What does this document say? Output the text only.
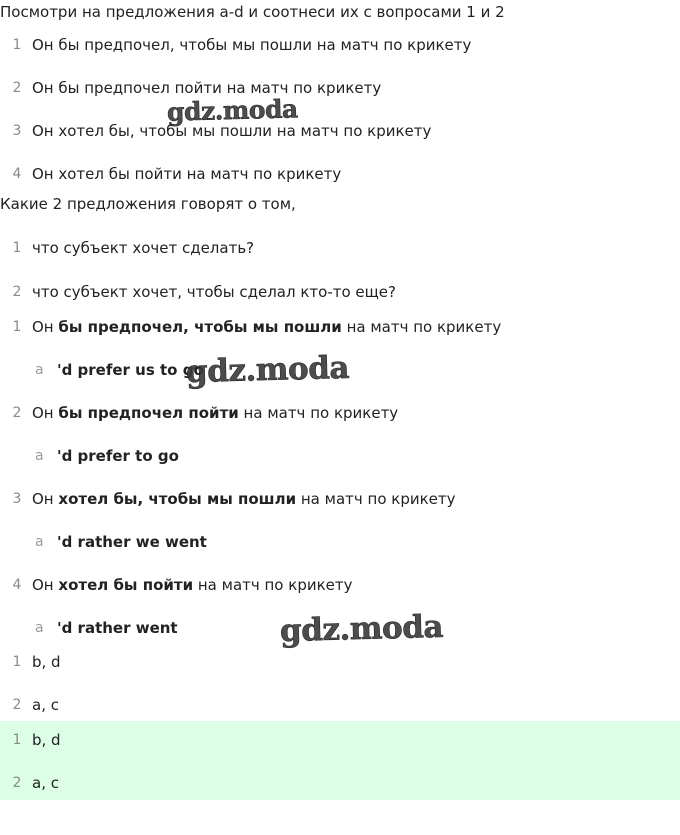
Посмотри на предложения a-d и соотнеси их с вопросами 1 и 2
1 Он бы предпочел, чтобы мы пошли на матч по крикету
2 Он бы предпочел пойти на матч по крикету
3 Он хотел бы, чтобы мы пошли на матч по крикету
4 Он хотел бы пойти на матч по крикету
Какие 2 предложения говорят о том,
1 что субъект хочет сделать?
2 что субъект хочет, чтобы сделал кто-то еще?
1 Он бы предпочел, чтобы мы пошли на матч по крикету
a 'd prefer us to go
2 Он бы предпочел пойти на матч по крикету
a 'd prefer to go
3 Он хотел бы, чтобы мы пошли на матч по крикету
a 'd rather we went
4 Он хотел бы пойти на матч по крикету
a 'd rather went
1 b, d
2 a, c
1 b, d
2 a, c
gdz.moda
gdz.moda
gdz.moda
